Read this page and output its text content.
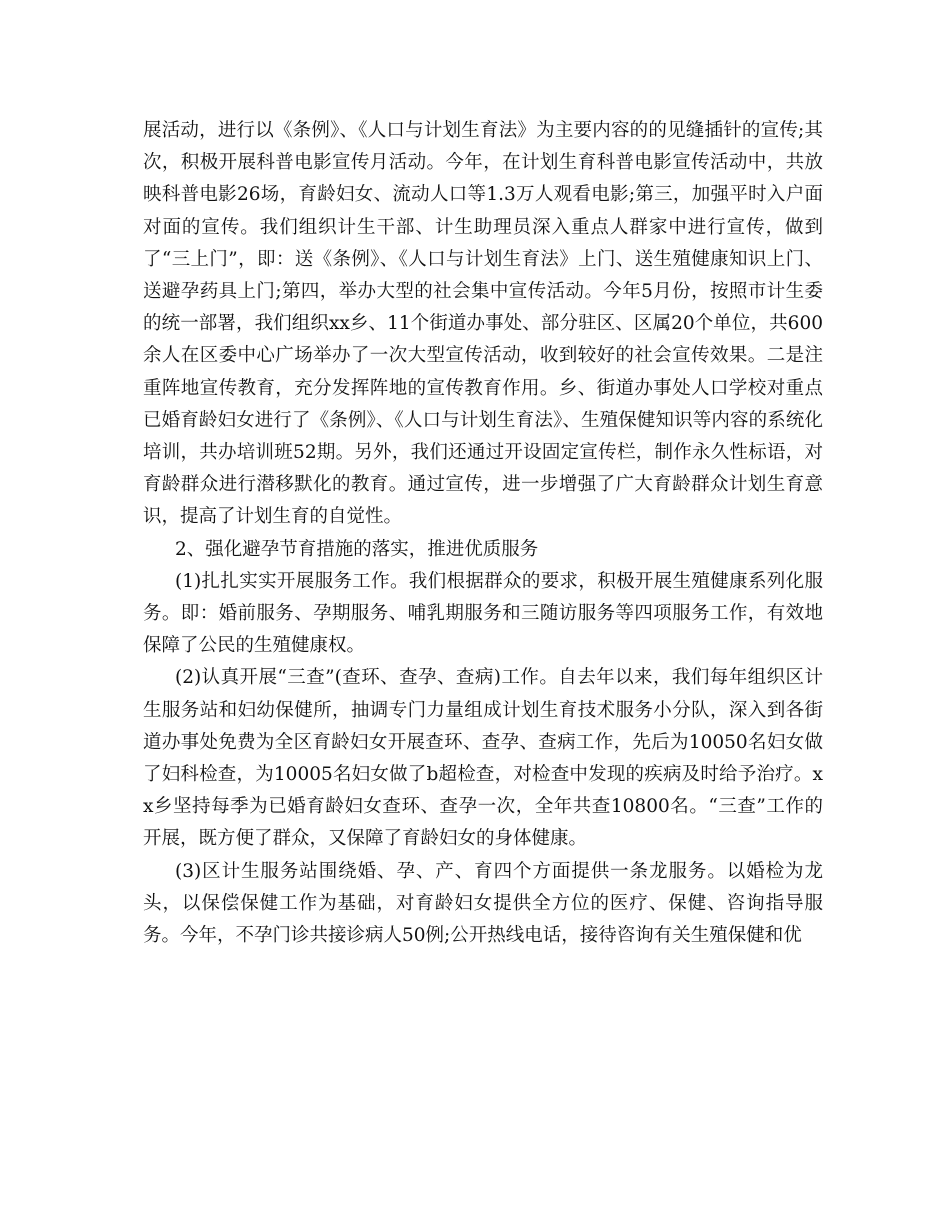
展活动，进行以《条例》、《人口与计划生育法》为主要内容的的见缝插针的宣传;其次，积极开展科普电影宣传月活动。今年，在计划生育科普电影宣传活动中，共放映科普电影26场，育龄妇女、流动人口等1.3万人观看电影;第三，加强平时入户面对面的宣传。我们组织计生干部、计生助理员深入重点人群家中进行宣传，做到了“三上门”，即：送《条例》、《人口与计划生育法》上门、送生殖健康知识上门、送避孕药具上门;第四，举办大型的社会集中宣传活动。今年5月份，按照市计生委的统一部署，我们组织xx乡、11个街道办事处、部分驻区、区属20个单位，共600余人在区委中心广场举办了一次大型宣传活动，收到较好的社会宣传效果。二是注重阵地宣传教育，充分发挥阵地的宣传教育作用。乡、街道办事处人口学校对重点已婚育龄妇女进行了《条例》、《人口与计划生育法》、生殖保健知识等内容的系统化培训，共办培训班52期。另外，我们还通过开设固定宣传栏，制作永久性标语，对育龄群众进行潜移默化的教育。通过宣传，进一步增强了广大育龄群众计划生育意识，提高了计划生育的自觉性。

2、强化避孕节育措施的落实，推进优质服务

(1)扎扎实实开展服务工作。我们根据群众的要求，积极开展生殖健康系列化服务。即：婚前服务、孕期服务、哺乳期服务和三随访服务等四项服务工作，有效地保障了公民的生殖健康权。

(2)认真开展“三查”(查环、查孕、查病)工作。自去年以来，我们每年组织区计生服务站和妇幼保健所，抽调专门力量组成计划生育技术服务小分队，深入到各街道办事处免费为全区育龄妇女开展查环、查孕、查病工作，先后为10050名妇女做了妇科检查，为10005名妇女做了b超检查，对检查中发现的疾病及时给予治疗。xx乡坚持每季为已婚育龄妇女查环、查孕一次，全年共查10800名。“三查”工作的开展，既方便了群众，又保障了育龄妇女的身体健康。

(3)区计生服务站围绕婚、孕、产、育四个方面提供一条龙服务。以婚检为龙头，以保偿保健工作为基础，对育龄妇女提供全方位的医疗、保健、咨询指导服务。今年，不孕门诊共接诊病人50例;公开热线电话，接待咨询有关生殖保健和优
